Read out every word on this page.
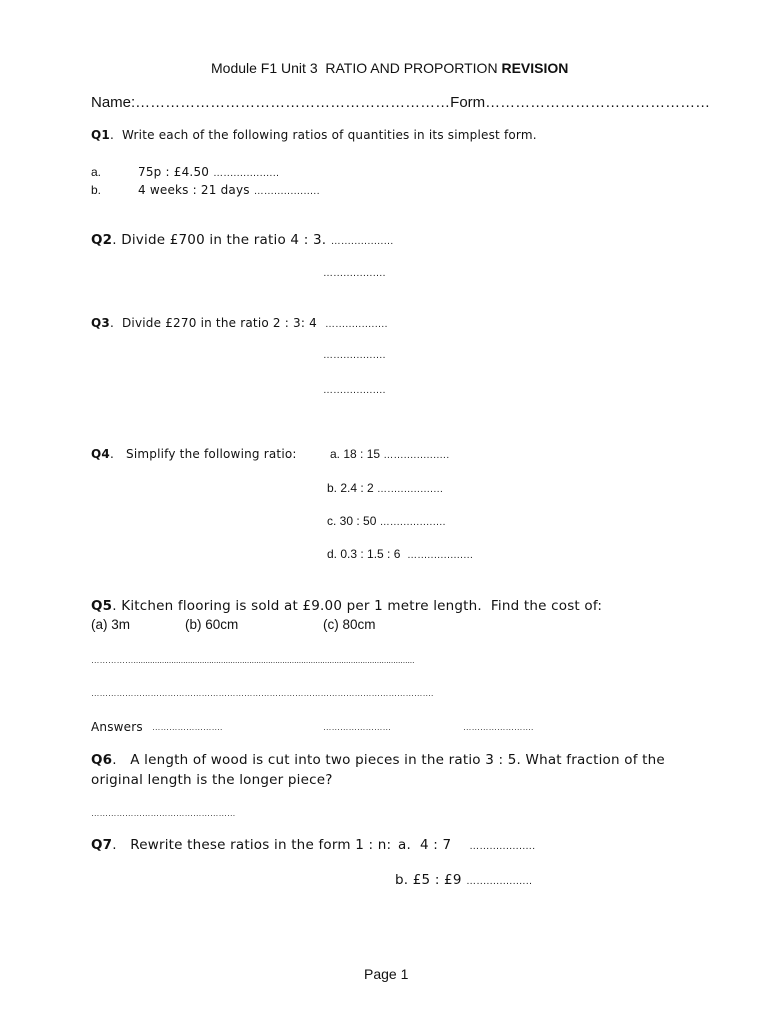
Module F1 Unit 3  RATIO AND PROPORTION REVISION
Name:………………………………………………………Form………………………………………
Q1.  Write each of the following ratios of quantities in its simplest form.
a.	75p : £4.50 ….................
b.	4 weeks : 21 days ….................
Q2. Divide £700 in the ratio 4 : 3. …................
…................
Q3.  Divide £270 in the ratio 2 : 3: 4  …................
…................
…................
Q4.   Simplify the following ratio:	a. 18 : 15 ….................
b. 2.4 : 2 ….................
c. 30 : 50 ….................
d. 0.3 : 1.5 : 6  ….................
Q5. Kitchen flooring is sold at £9.00 per 1 metre length.  Find the cost of:
(a) 3m	(b) 60cm	(c) 80cm
…………….......................................................................................................................
………………………………………………………………………………………………………….
Answers …………………….	……………………	…………………….
Q6.   A length of wood is cut into two pieces in the ratio 3 : 5. What fraction of the
original length is the longer piece?
……………………………………………
Q7.   Rewrite these ratios in the form 1 : n: a.  4 : 7    ….................
b. £5 : £9 ….................
Page 1
